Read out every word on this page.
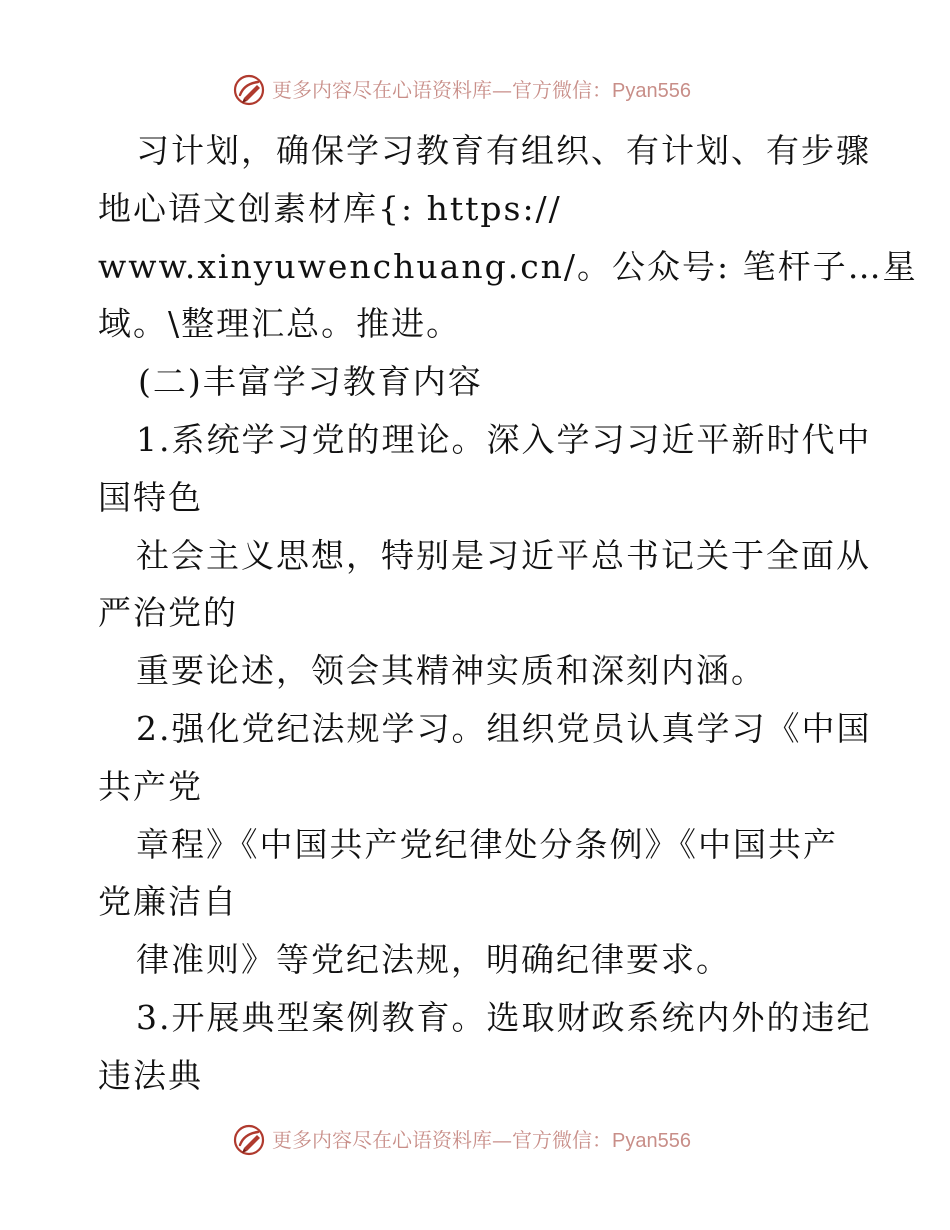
更多内容尽在心语资料库—官方微信：Pyan556
习计划，确保学习教育有组织、有计划、有步骤
地心语文创素材库{: https://
www.xinyuwenchuang.cn/。公众号: 笔杆子…星
域。\整理汇总。推进。
(二)丰富学习教育内容
1.系统学习党的理论。深入学习习近平新时代中
国特色
社会主义思想，特别是习近平总书记关于全面从
严治党的
重要论述，领会其精神实质和深刻内涵。
2.强化党纪法规学习。组织党员认真学习《中国
共产党
章程》《中国共产党纪律处分条例》《中国共产
党廉洁自
律准则》等党纪法规，明确纪律要求。
3.开展典型案例教育。选取财政系统内外的违纪
违法典
更多内容尽在心语资料库—官方微信：Pyan556
